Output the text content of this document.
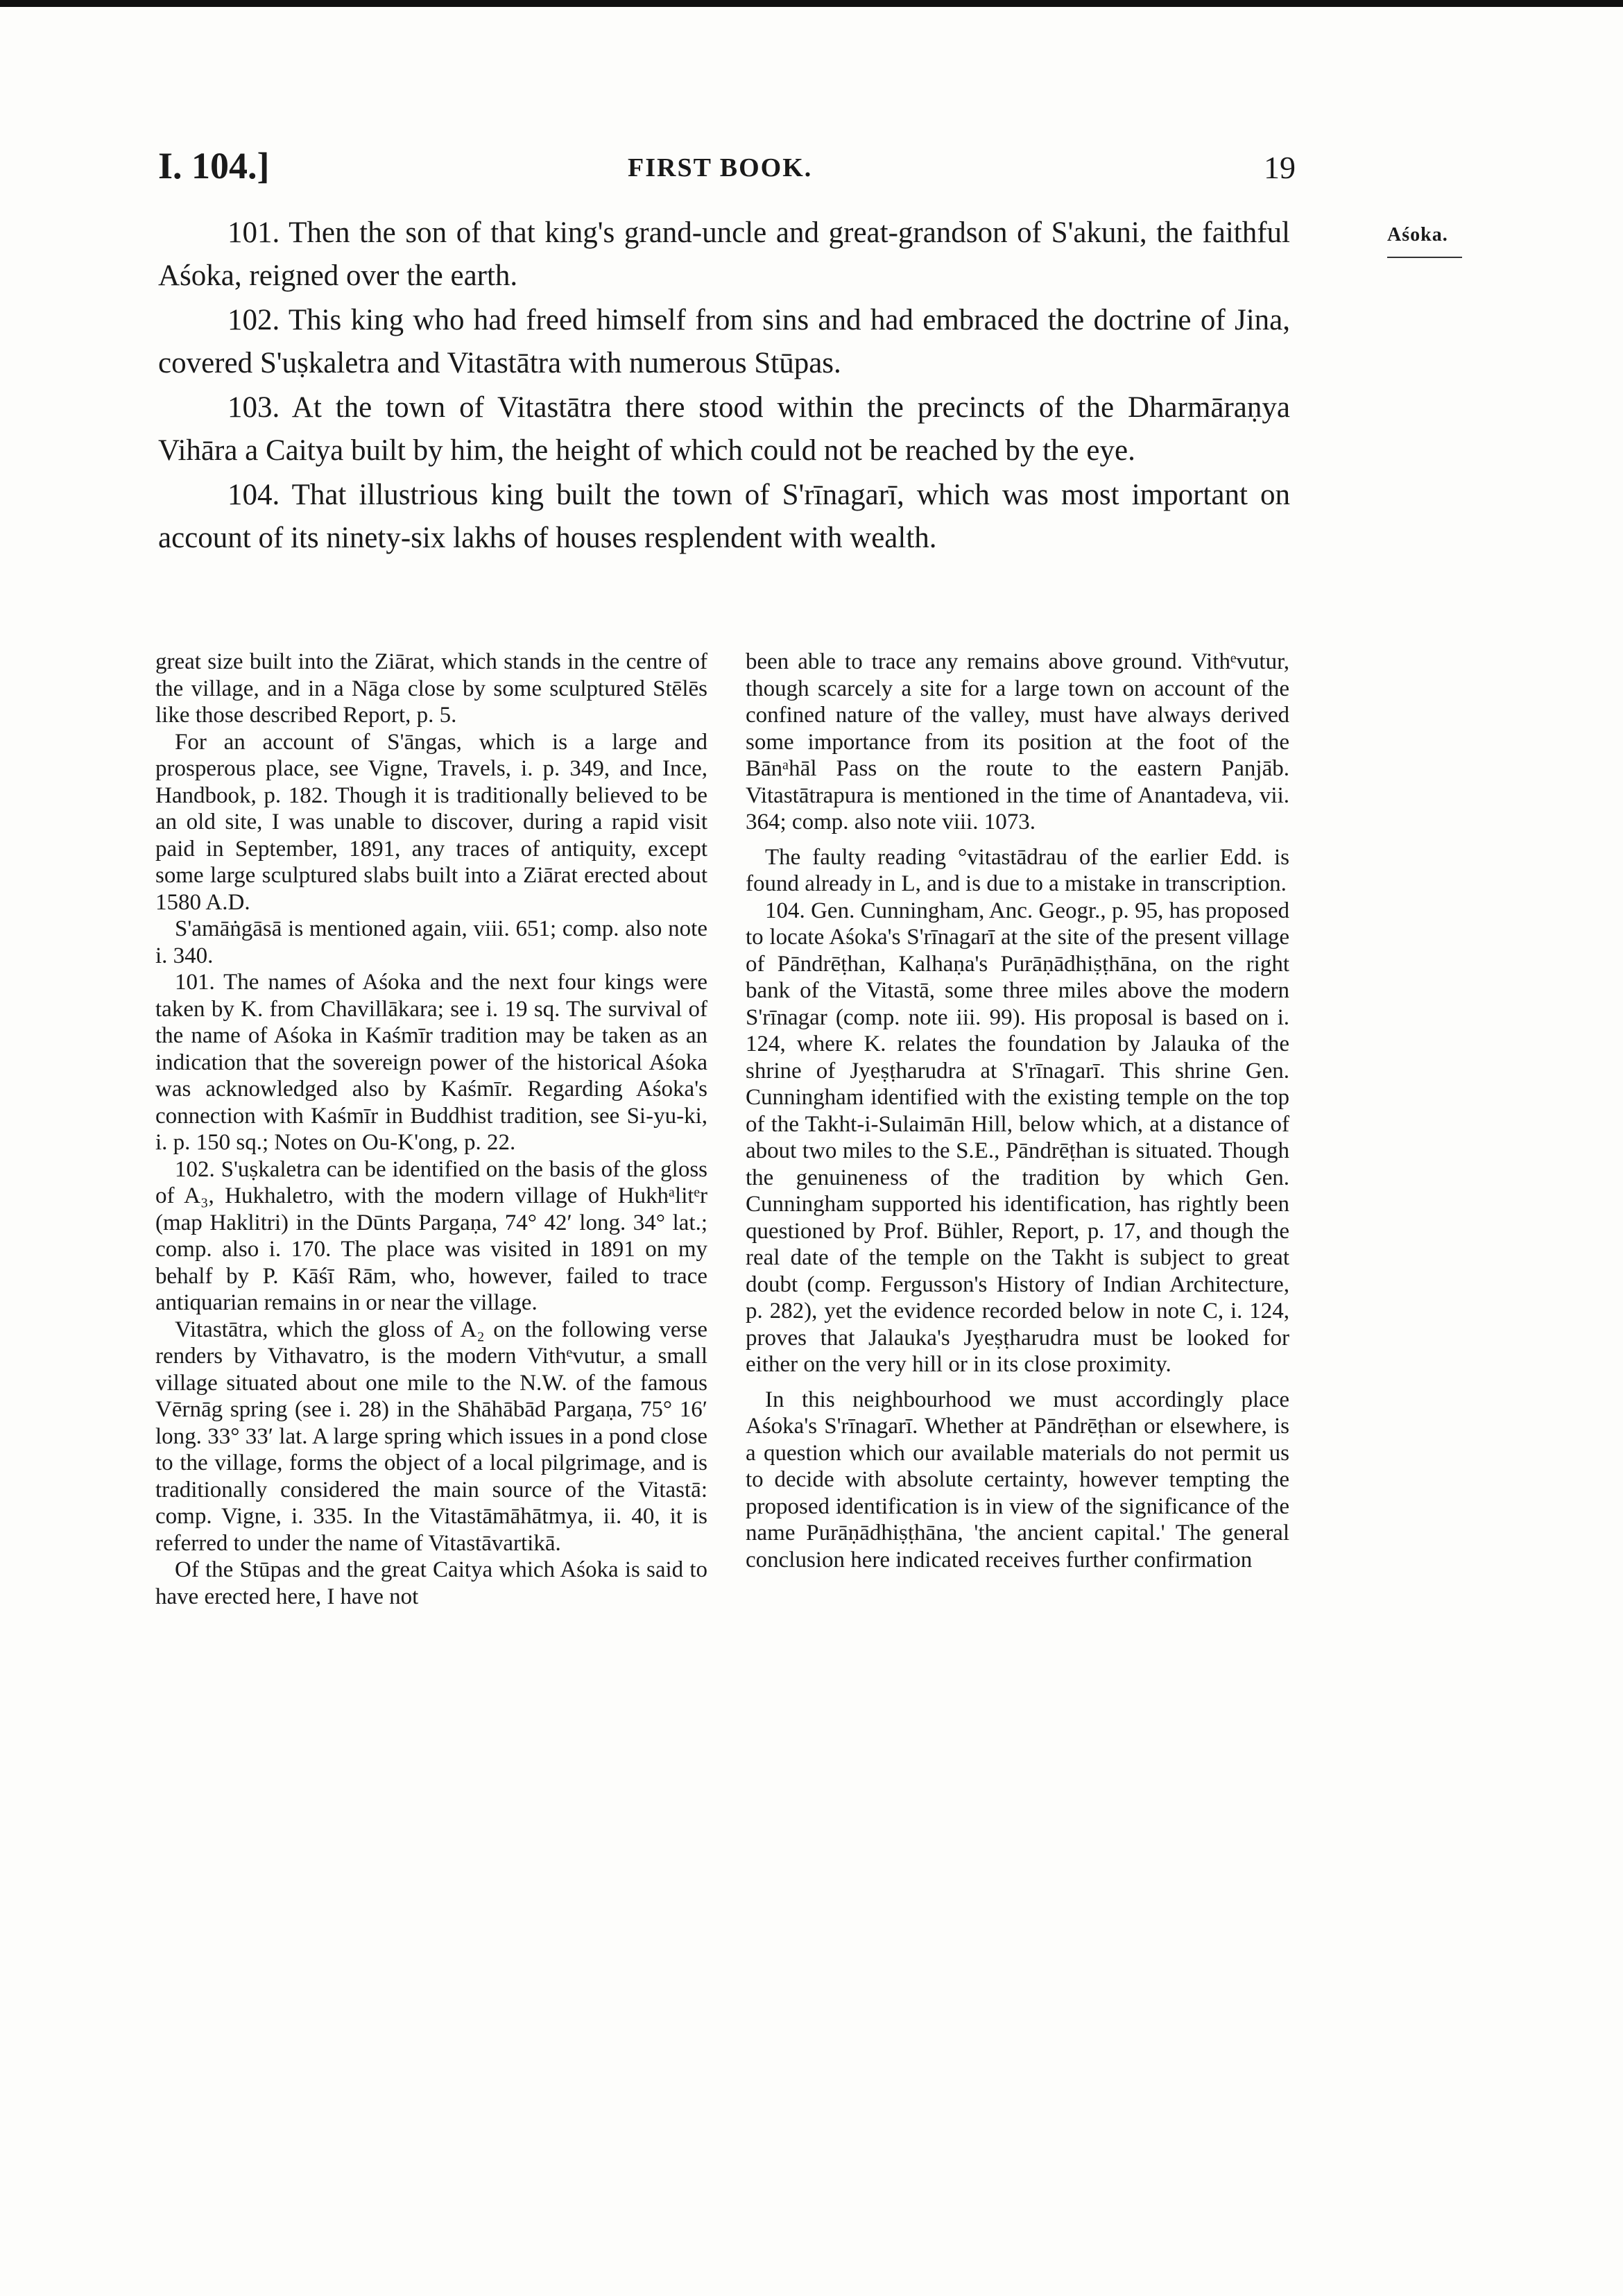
I. 104.]	FIRST BOOK.	19
Aśoka.

101. Then the son of that king's grand-uncle and great-grandson of S'akuni, the faithful Aśoka, reigned over the earth.

102. This king who had freed himself from sins and had embraced the doctrine of Jina, covered S'uṣkaletra and Vitastātra with numerous Stūpas.

103. At the town of Vitastātra there stood within the precincts of the Dharmāraṇya Vihāra a Caitya built by him, the height of which could not be reached by the eye.

104. That illustrious king built the town of S'rīnagarī, which was most important on account of its ninety-six lakhs of houses resplendent with wealth.

great size built into the Ziārat, which stands in the centre of the village, and in a Nāga close by some sculptured Stēlēs like those described Report, p. 5.

For an account of S'āngas, which is a large and prosperous place, see Vigne, Travels, i. p. 349, and Ince, Handbook, p. 182. Though it is traditionally believed to be an old site, I was unable to discover, during a rapid visit paid in September, 1891, any traces of antiquity, except some large sculptured slabs built into a Ziārat erected about 1580 A.D.

S'amāṅgāsā is mentioned again, viii. 651; comp. also note i. 340.

101. The names of Aśoka and the next four kings were taken by K. from Chavillākara; see i. 19 sq. The survival of the name of Aśoka in Kaśmīr tradition may be taken as an indication that the sovereign power of the historical Aśoka was acknowledged also by Kaśmīr. Regarding Aśoka's connection with Kaśmīr in Buddhist tradition, see Si-yu-ki, i. p. 150 sq.; Notes on Ou-K'ong, p. 22.

102. S'uṣkaletra can be identified on the basis of the gloss of A₃, Hukhaletro, with the modern village of Hukhᵃlitᵉr (map Haklitri) in the Dūnts Pargaṇa, 74° 42′ long. 34° lat.; comp. also i. 170. The place was visited in 1891 on my behalf by P. Kāśī Rām, who, however, failed to trace antiquarian remains in or near the village.

Vitastātra, which the gloss of A₂ on the following verse renders by Vithavatro, is the modern Vithᵉvutur, a small village situated about one mile to the N.W. of the famous Vērnāg spring (see i. 28) in the Shāhābād Pargaṇa, 75° 16′ long. 33° 33′ lat. A large spring which issues in a pond close to the village, forms the object of a local pilgrimage, and is traditionally considered the main source of the Vitastā: comp. Vigne, i. 335. In the Vitastāmāhātmya, ii. 40, it is referred to under the name of Vitastāvartikā.

Of the Stūpas and the great Caitya which Aśoka is said to have erected here, I have not

been able to trace any remains above ground. Vithᵉvutur, though scarcely a site for a large town on account of the confined nature of the valley, must have always derived some importance from its position at the foot of the Bānᵃhāl Pass on the route to the eastern Panjāb. Vitastātrapura is mentioned in the time of Anantadeva, vii. 364; comp. also note viii. 1073.

The faulty reading °vitastādrau of the earlier Edd. is found already in L, and is due to a mistake in transcription.

104. Gen. Cunningham, Anc. Geogr., p. 95, has proposed to locate Aśoka's S'rīnagarī at the site of the present village of Pāndrēṭhan, Kalhaṇa's Purāṇādhiṣṭhāna, on the right bank of the Vitastā, some three miles above the modern S'rīnagar (comp. note iii. 99). His proposal is based on i. 124, where K. relates the foundation by Jalauka of the shrine of Jyeṣṭharudra at S'rīnagarī. This shrine Gen. Cunningham identified with the existing temple on the top of the Takht-i-Sulaimān Hill, below which, at a distance of about two miles to the S.E., Pāndrēṭhan is situated. Though the genuineness of the tradition by which Gen. Cunningham supported his identification, has rightly been questioned by Prof. Bühler, Report, p. 17, and though the real date of the temple on the Takht is subject to great doubt (comp. Fergusson's History of Indian Architecture, p. 282), yet the evidence recorded below in note C, i. 124, proves that Jalauka's Jyeṣṭharudra must be looked for either on the very hill or in its close proximity.

In this neighbourhood we must accordingly place Aśoka's S'rīnagarī. Whether at Pāndrēṭhan or elsewhere, is a question which our available materials do not permit us to decide with absolute certainty, however tempting the proposed identification is in view of the significance of the name Purāṇādhiṣṭhāna, 'the ancient capital.' The general conclusion here indicated receives further confirmation
